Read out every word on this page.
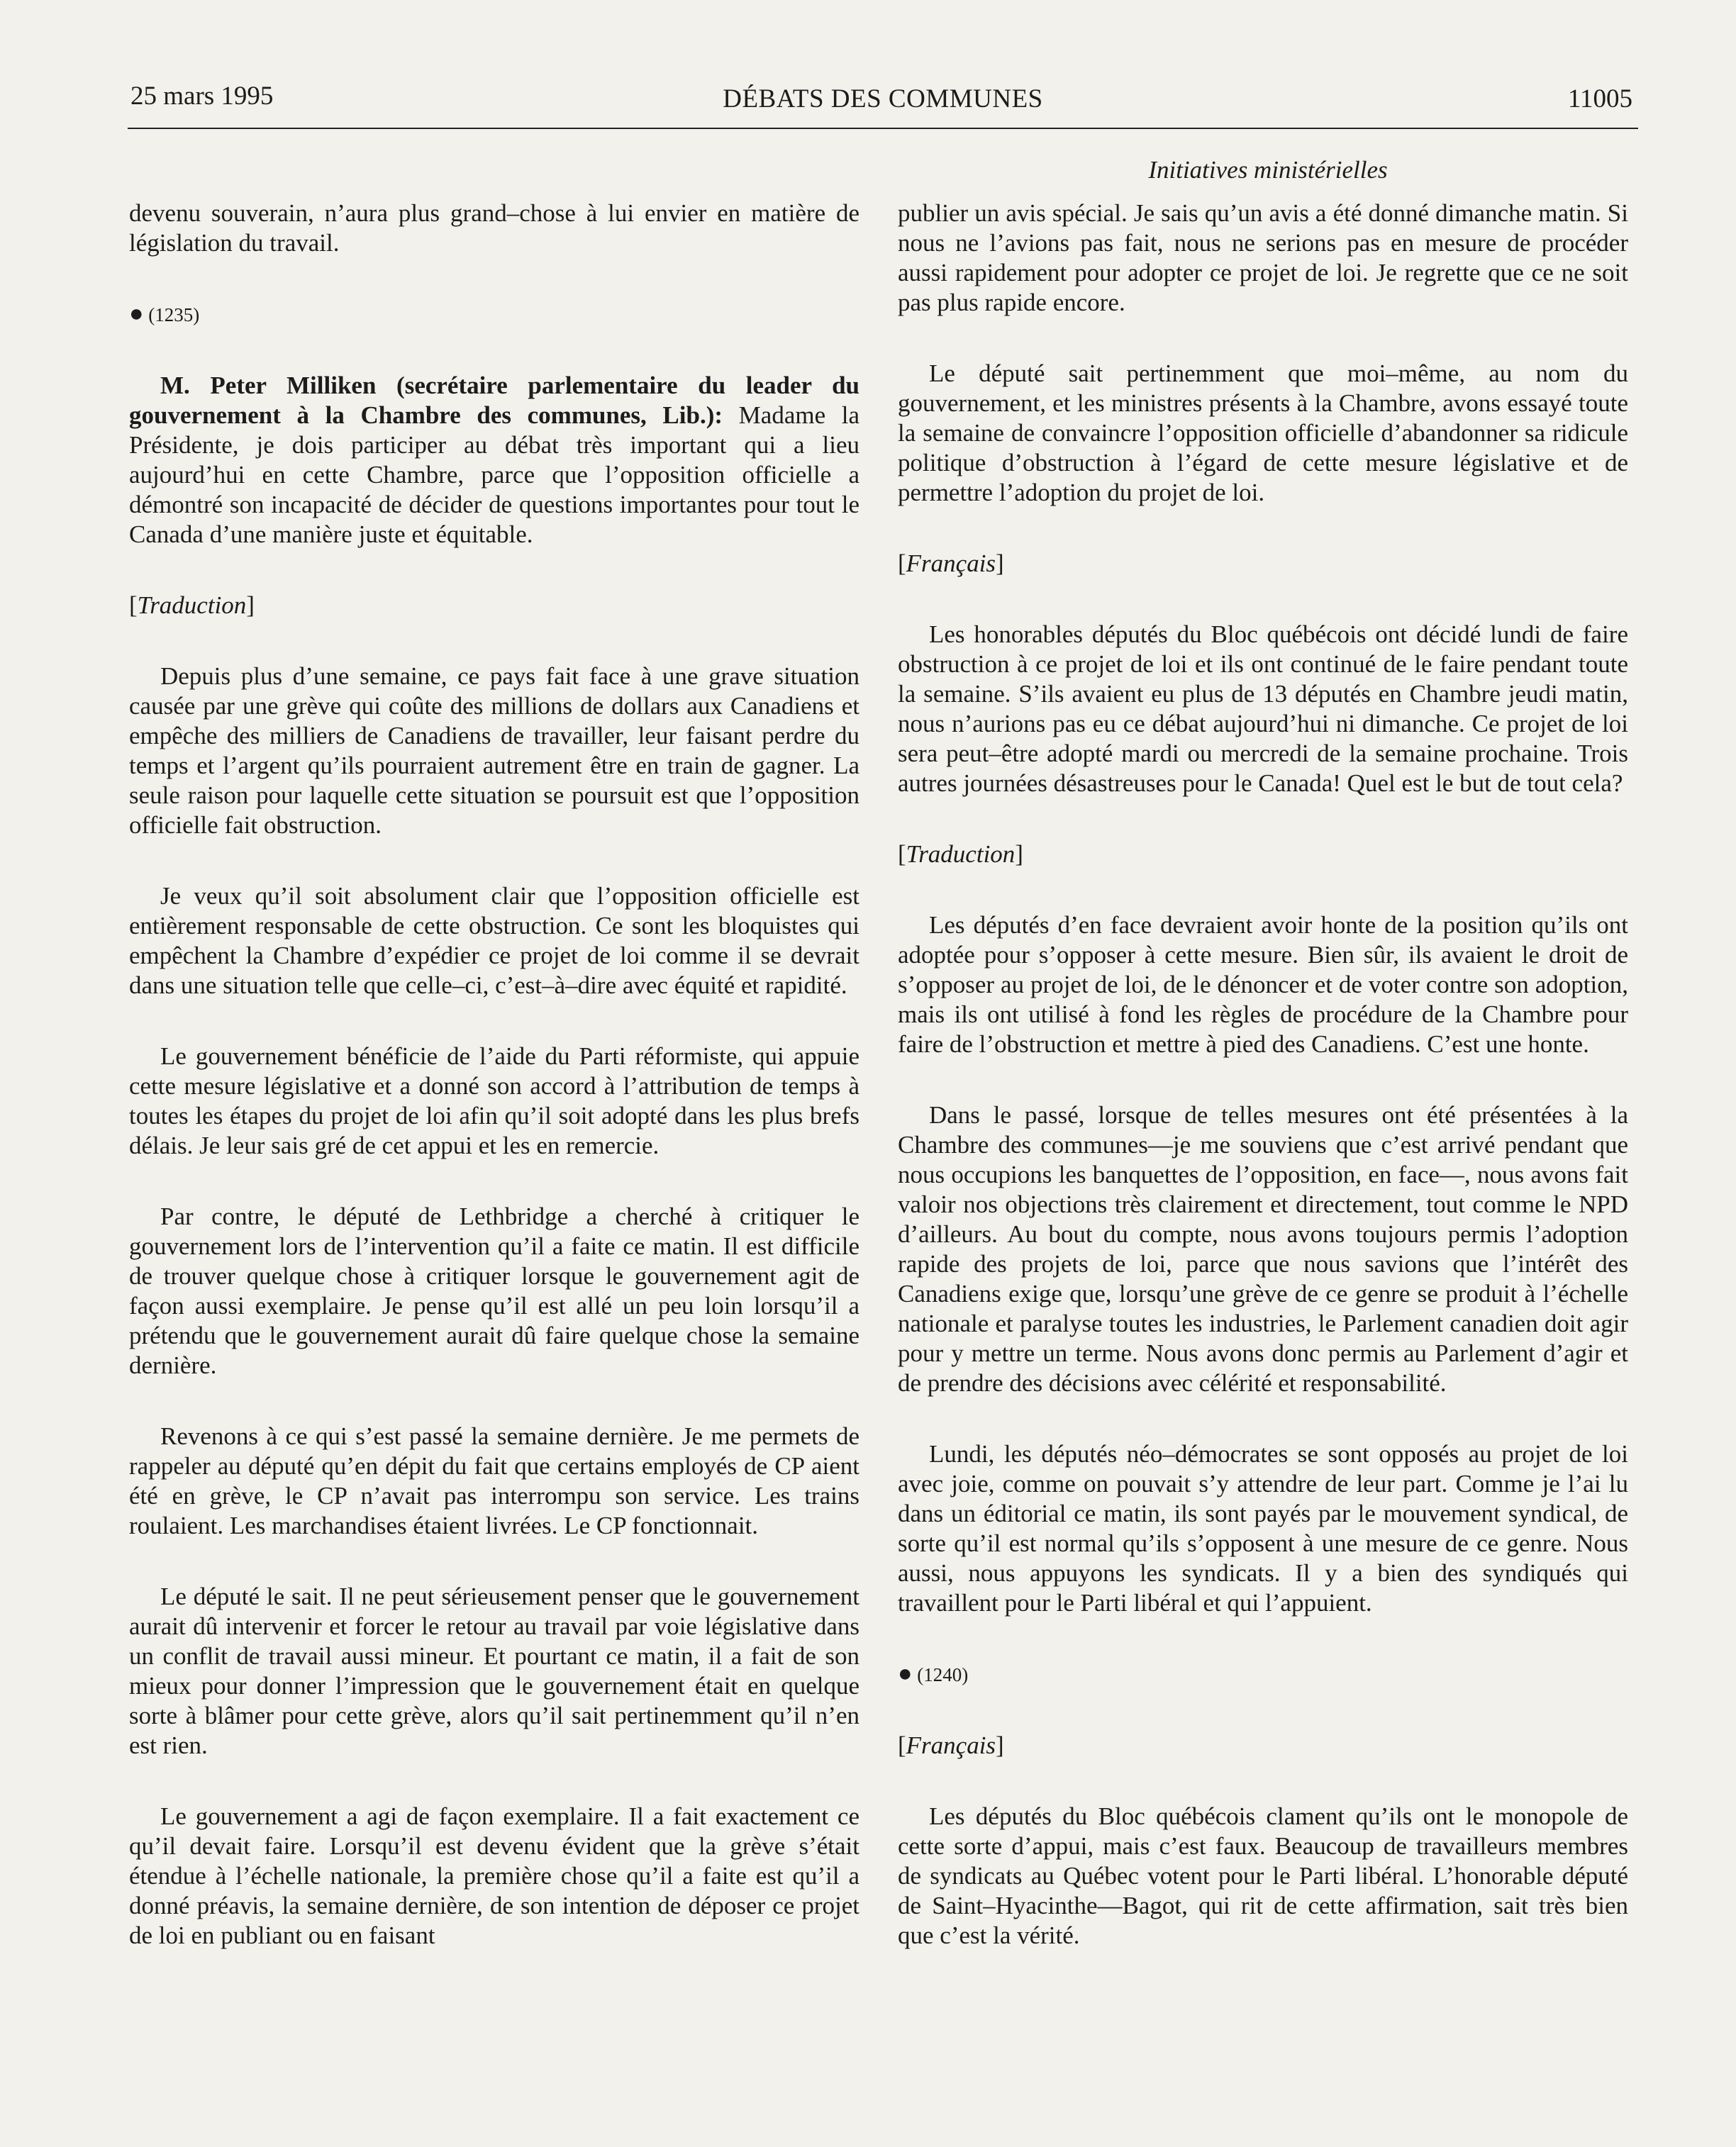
25 mars 1995	DÉBATS DES COMMUNES	11005
Initiatives ministérielles

devenu souverain, n’aura plus grand–chose à lui envier en matière de législation du travail.

● (1235)

M. Peter Milliken (secrétaire parlementaire du leader du gouvernement à la Chambre des communes, Lib.): Madame la Présidente, je dois participer au débat très important qui a lieu aujourd’hui en cette Chambre, parce que l’opposition officielle a démontré son incapacité de décider de questions importantes pour tout le Canada d’une manière juste et équitable.

[Traduction]

Depuis plus d’une semaine, ce pays fait face à une grave situation causée par une grève qui coûte des millions de dollars aux Canadiens et empêche des milliers de Canadiens de travailler, leur faisant perdre du temps et l’argent qu’ils pourraient autrement être en train de gagner. La seule raison pour laquelle cette situation se poursuit est que l’opposition officielle fait obstruction.

Je veux qu’il soit absolument clair que l’opposition officielle est entièrement responsable de cette obstruction. Ce sont les bloquistes qui empêchent la Chambre d’expédier ce projet de loi comme il se devrait dans une situation telle que celle–ci, c’est–à–dire avec équité et rapidité.

Le gouvernement bénéficie de l’aide du Parti réformiste, qui appuie cette mesure législative et a donné son accord à l’attribution de temps à toutes les étapes du projet de loi afin qu’il soit adopté dans les plus brefs délais. Je leur sais gré de cet appui et les en remercie.

Par contre, le député de Lethbridge a cherché à critiquer le gouvernement lors de l’intervention qu’il a faite ce matin. Il est difficile de trouver quelque chose à critiquer lorsque le gouvernement agit de façon aussi exemplaire. Je pense qu’il est allé un peu loin lorsqu’il a prétendu que le gouvernement aurait dû faire quelque chose la semaine dernière.

Revenons à ce qui s’est passé la semaine dernière. Je me permets de rappeler au député qu’en dépit du fait que certains employés de CP aient été en grève, le CP n’avait pas interrompu son service. Les trains roulaient. Les marchandises étaient livrées. Le CP fonctionnait.

Le député le sait. Il ne peut sérieusement penser que le gouvernement aurait dû intervenir et forcer le retour au travail par voie législative dans un conflit de travail aussi mineur. Et pourtant ce matin, il a fait de son mieux pour donner l’impression que le gouvernement était en quelque sorte à blâmer pour cette grève, alors qu’il sait pertinemment qu’il n’en est rien.

Le gouvernement a agi de façon exemplaire. Il a fait exactement ce qu’il devait faire. Lorsqu’il est devenu évident que la grève s’était étendue à l’échelle nationale, la première chose qu’il a faite est qu’il a donné préavis, la semaine dernière, de son intention de déposer ce projet de loi en publiant ou en faisant

publier un avis spécial. Je sais qu’un avis a été donné dimanche matin. Si nous ne l’avions pas fait, nous ne serions pas en mesure de procéder aussi rapidement pour adopter ce projet de loi. Je regrette que ce ne soit pas plus rapide encore.

Le député sait pertinemment que moi–même, au nom du gouvernement, et les ministres présents à la Chambre, avons essayé toute la semaine de convaincre l’opposition officielle d’abandonner sa ridicule politique d’obstruction à l’égard de cette mesure législative et de permettre l’adoption du projet de loi.

[Français]

Les honorables députés du Bloc québécois ont décidé lundi de faire obstruction à ce projet de loi et ils ont continué de le faire pendant toute la semaine. S’ils avaient eu plus de 13 députés en Chambre jeudi matin, nous n’aurions pas eu ce débat aujourd’hui ni dimanche. Ce projet de loi sera peut–être adopté mardi ou mercredi de la semaine prochaine. Trois autres journées désastreuses pour le Canada! Quel est le but de tout cela?

[Traduction]

Les députés d’en face devraient avoir honte de la position qu’ils ont adoptée pour s’opposer à cette mesure. Bien sûr, ils avaient le droit de s’opposer au projet de loi, de le dénoncer et de voter contre son adoption, mais ils ont utilisé à fond les règles de procédure de la Chambre pour faire de l’obstruction et mettre à pied des Canadiens. C’est une honte.

Dans le passé, lorsque de telles mesures ont été présentées à la Chambre des communes—je me souviens que c’est arrivé pendant que nous occupions les banquettes de l’opposition, en face—, nous avons fait valoir nos objections très clairement et directement, tout comme le NPD d’ailleurs. Au bout du compte, nous avons toujours permis l’adoption rapide des projets de loi, parce que nous savions que l’intérêt des Canadiens exige que, lorsqu’une grève de ce genre se produit à l’échelle nationale et paralyse toutes les industries, le Parlement canadien doit agir pour y mettre un terme. Nous avons donc permis au Parlement d’agir et de prendre des décisions avec célérité et responsabilité.

Lundi, les députés néo–démocrates se sont opposés au projet de loi avec joie, comme on pouvait s’y attendre de leur part. Comme je l’ai lu dans un éditorial ce matin, ils sont payés par le mouvement syndical, de sorte qu’il est normal qu’ils s’opposent à une mesure de ce genre. Nous aussi, nous appuyons les syndicats. Il y a bien des syndiqués qui travaillent pour le Parti libéral et qui l’appuient.

● (1240)
[Français]

Les députés du Bloc québécois clament qu’ils ont le monopole de cette sorte d’appui, mais c’est faux. Beaucoup de travailleurs membres de syndicats au Québec votent pour le Parti libéral. L’honorable député de Saint–Hyacinthe—Bagot, qui rit de cette affirmation, sait très bien que c’est la vérité.
